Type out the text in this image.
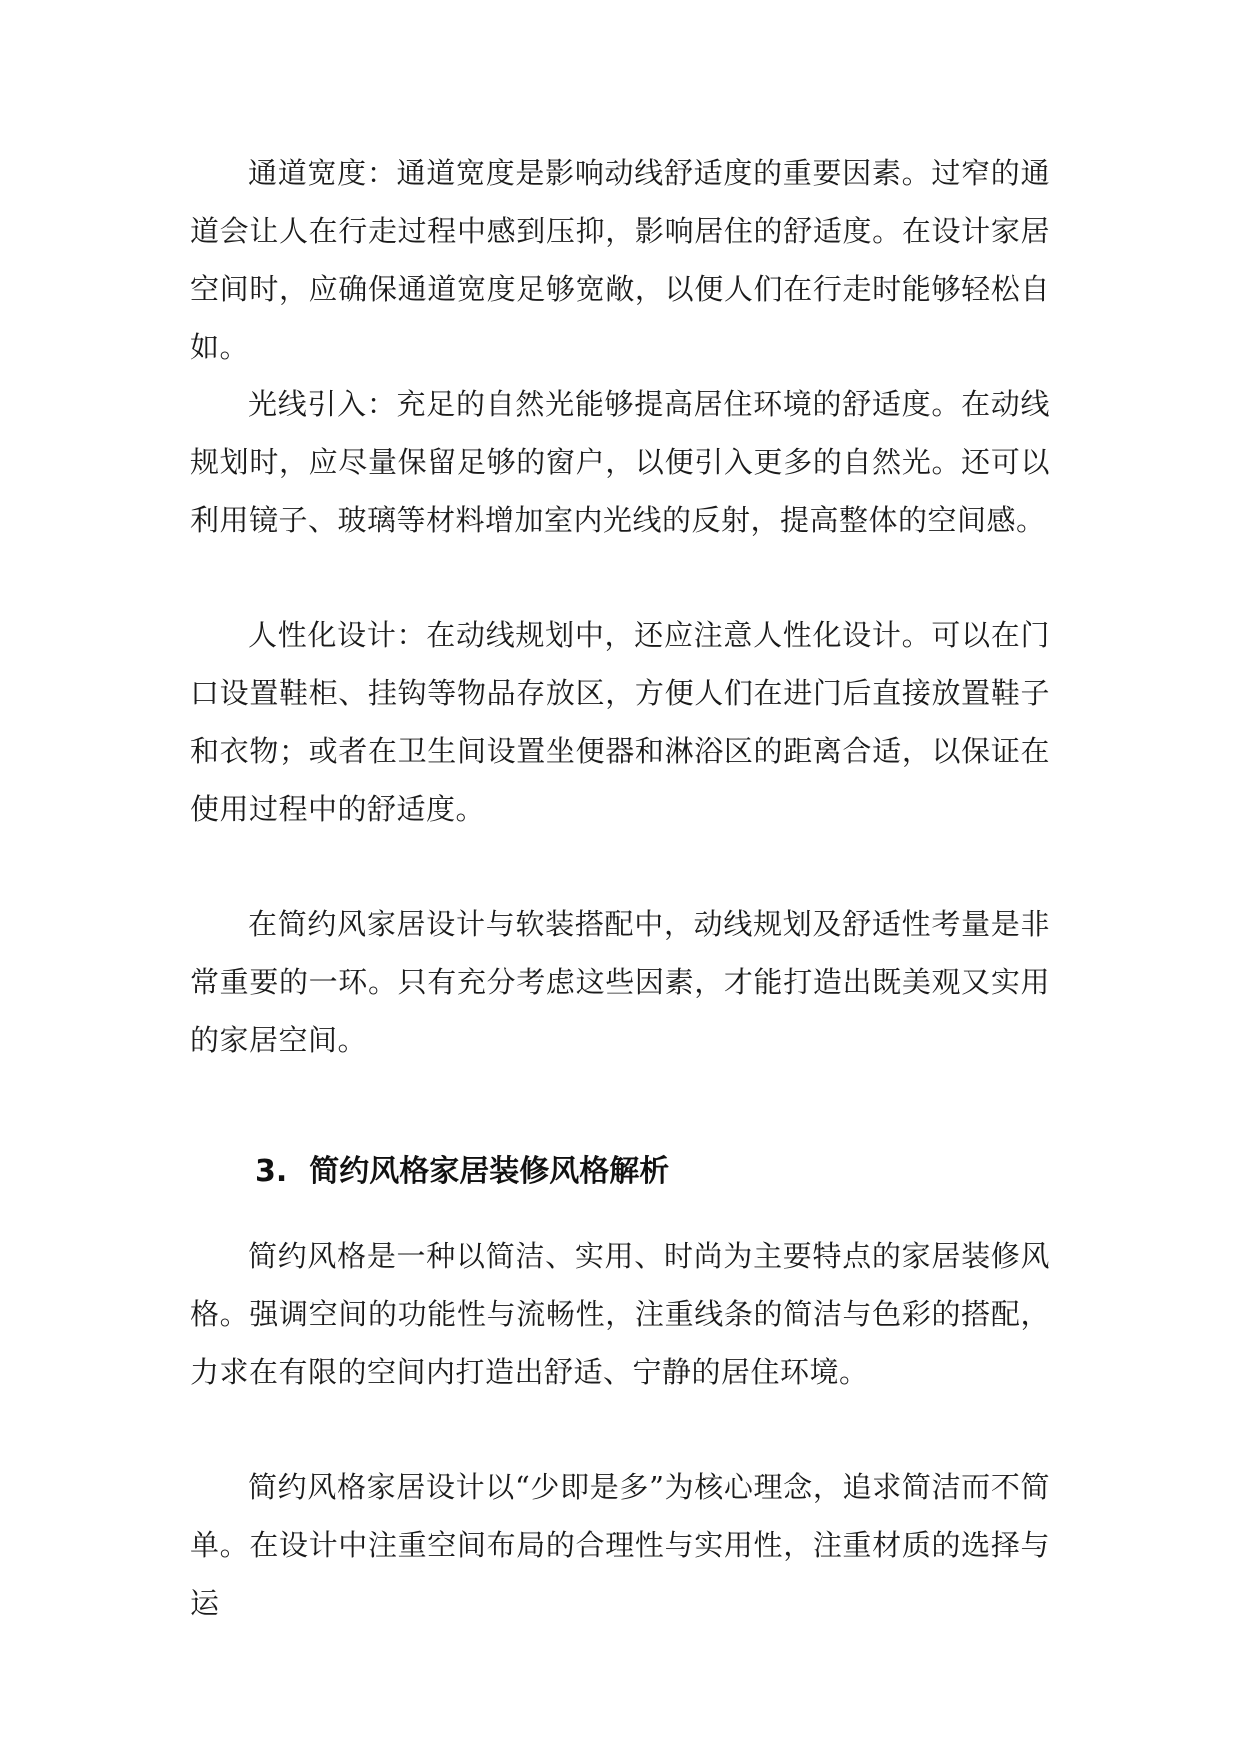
通道宽度：通道宽度是影响动线舒适度的重要因素。过窄的通道会让人在行走过程中感到压抑，影响居住的舒适度。在设计家居空间时，应确保通道宽度足够宽敞，以便人们在行走时能够轻松自如。

光线引入：充足的自然光能够提高居住环境的舒适度。在动线规划时，应尽量保留足够的窗户，以便引入更多的自然光。还可以利用镜子、玻璃等材料增加室内光线的反射，提高整体的空间感。

人性化设计：在动线规划中，还应注意人性化设计。可以在门口设置鞋柜、挂钩等物品存放区，方便人们在进门后直接放置鞋子和衣物；或者在卫生间设置坐便器和淋浴区的距离合适，以保证在使用过程中的舒适度。

在简约风家居设计与软装搭配中，动线规划及舒适性考量是非常重要的一环。只有充分考虑这些因素，才能打造出既美观又实用的家居空间。

3. 简约风格家居装修风格解析

简约风格是一种以简洁、实用、时尚为主要特点的家居装修风格。强调空间的功能性与流畅性，注重线条的简洁与色彩的搭配，力求在有限的空间内打造出舒适、宁静的居住环境。

简约风格家居设计以“少即是多”为核心理念，追求简洁而不简单。在设计中注重空间布局的合理性与实用性，注重材质的选择与运
